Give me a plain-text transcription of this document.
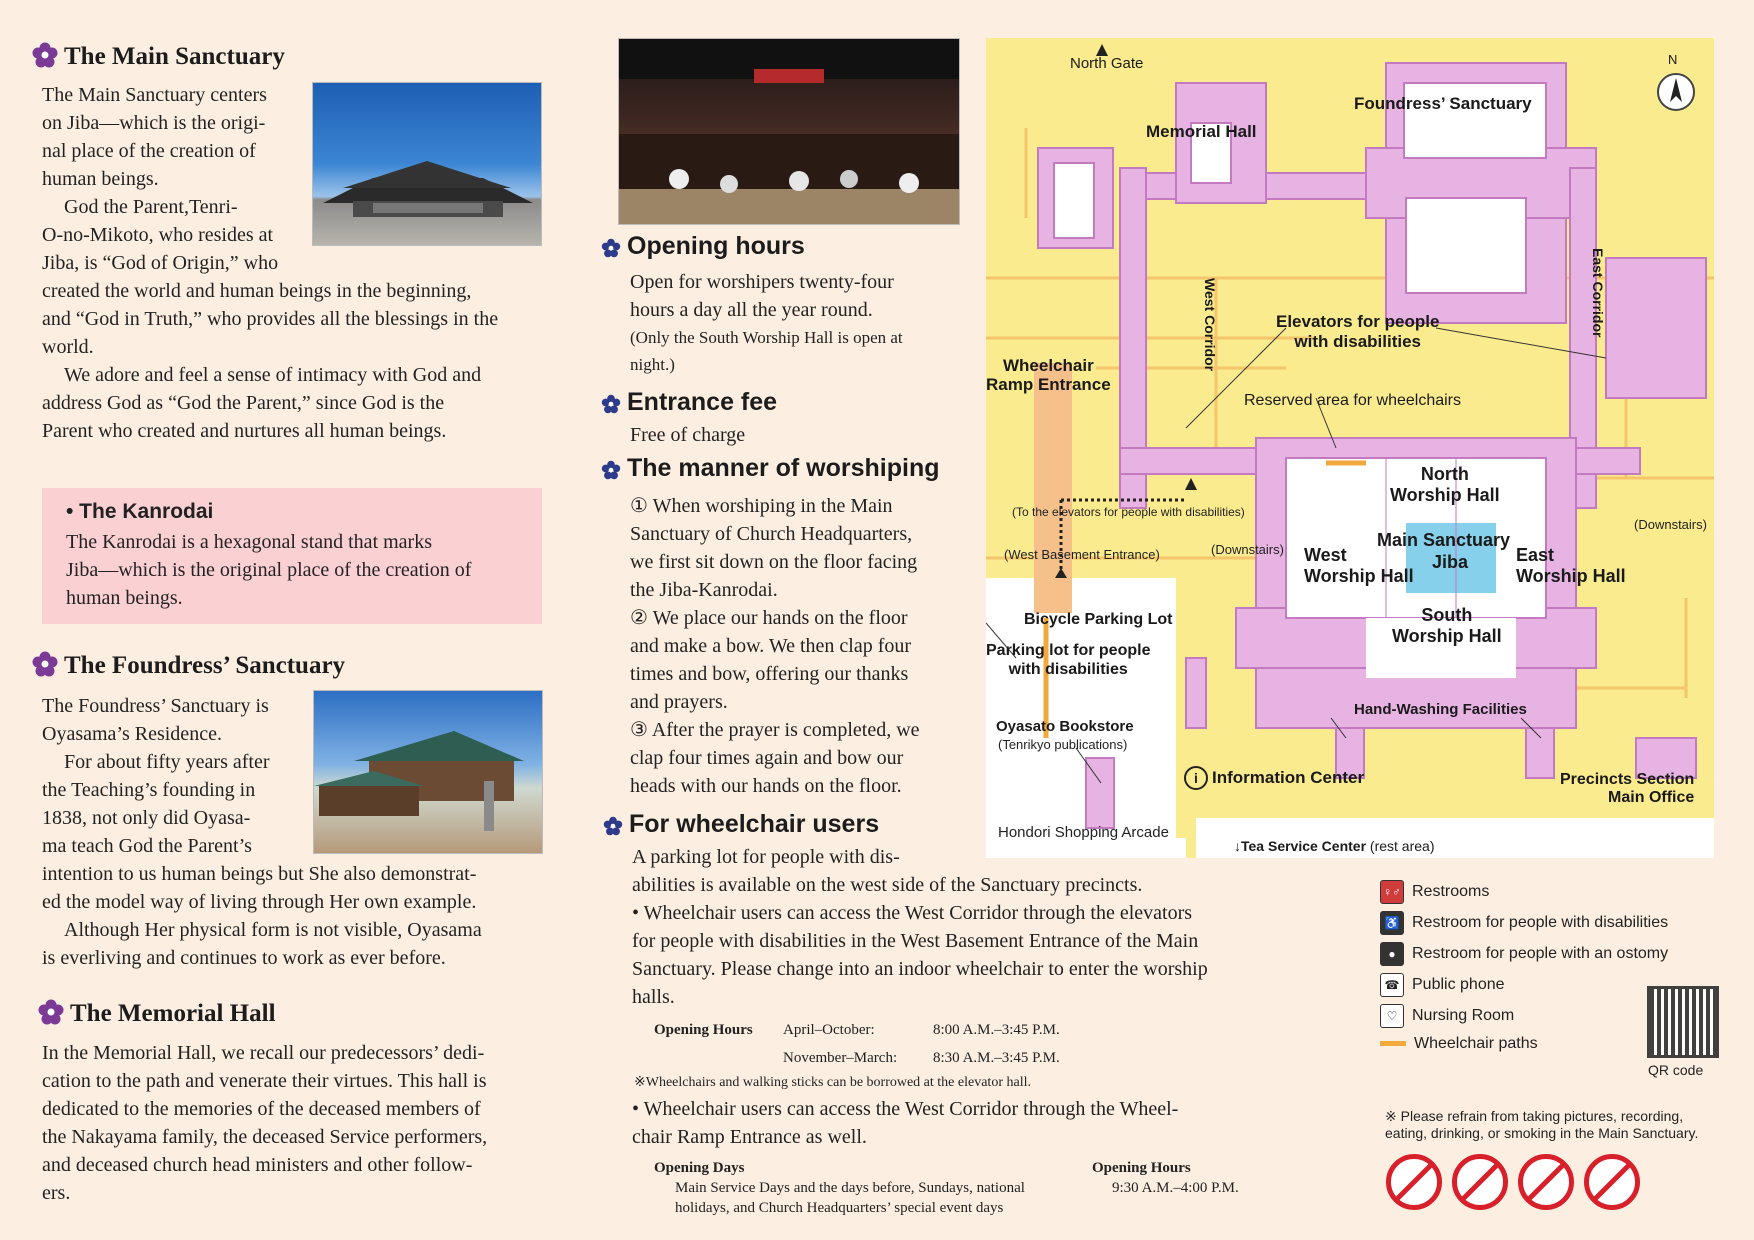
The Main Sanctuary
The Main Sanctuary centers
on Jiba—which is the origi-
nal place of the creation of
human beings.
God the Parent,Tenri-
O-no-Mikoto, who resides at
Jiba, is “God of Origin,” who
created the world and human beings in the beginning,
and “God in Truth,” who provides all the blessings in the
world.
We adore and feel a sense of intimacy with God and
address God as “God the Parent,” since God is the
Parent who created and nurtures all human beings.
• The Kanrodai
The Kanrodai is a hexagonal stand that marks
Jiba—which is the original place of the creation of
human beings.
The Foundress’ Sanctuary
The Foundress’ Sanctuary is
Oyasama’s Residence.
For about fifty years after
the Teaching’s founding in
1838, not only did Oyasa-
ma teach God the Parent’s
intention to us human beings but She also demonstrat-
ed the model way of living through Her own example.
Although Her physical form is not visible, Oyasama
is everliving and continues to work as ever before.
The Memorial Hall
In the Memorial Hall, we recall our predecessors’ dedi-
cation to the path and venerate their virtues. This hall is
dedicated to the memories of the deceased members of
the Nakayama family, the deceased Service performers,
and deceased church head ministers and other follow-
ers.
Opening hours
Open for worshipers twenty-four
hours a day all the year round.
(Only the South Worship Hall is open at
night.)
Entrance fee
Free of charge
The manner of worshiping
① When worshiping in the Main
Sanctuary of Church Headquarters,
we first sit down on the floor facing
the Jiba-Kanrodai.
② We place our hands on the floor
and make a bow. We then clap four
times and bow, offering our thanks
and prayers.
③ After the prayer is completed, we
clap four times again and bow our
heads with our hands on the floor.
For wheelchair users
A parking lot for people with dis-
abilities is available on the west side of the Sanctuary precincts.
• Wheelchair users can access the West Corridor through the elevators
for people with disabilities in the West Basement Entrance of the Main
Sanctuary. Please change into an indoor wheelchair to enter the worship
halls.
Opening Hours April–October:	8:00 A.M.–3:45 P.M.
November–March: 8:30 A.M.–3:45 P.M.
※Wheelchairs and walking sticks can be borrowed at the elevator hall.
• Wheelchair users can access the West Corridor through the Wheel-
chair Ramp Entrance as well.
Opening Days
Main Service Days and the days before, Sundays, national
holidays, and Church Headquarters’ special event days
Opening Hours
9:30 A.M.–4:00 P.M.
North Gate	N
Memorial Hall
Foundress’ Sanctuary
West Corridor	East Corridor
Elevators for people
with disabilities
Wheelchair
Ramp Entrance
Reserved area for wheelchairs
(To the elevators for people with disabilities)
(West Basement Entrance)	(Downstairs)
(Downstairs)
North
Worship Hall
Main Sanctuary
Jiba
West
Worship Hall
East
Worship Hall
South
Worship Hall
Bicycle Parking Lot
Parking lot for people
with disabilities
Oyasato Bookstore
(Tenrikyo publications)
Hand-Washing Facilities
i Information Center	Precincts Section
Main Office
Hondori Shopping Arcade
↓Tea Service Center (rest area)
♀♂ Restrooms
♿ Restroom for people with disabilities
● Restroom for people with an ostomy
☎ Public phone
♡ Nursing Room
Wheelchair paths
QR code
※ Please refrain from taking pictures, recording,
eating, drinking, or smoking in the Main Sanctuary.
